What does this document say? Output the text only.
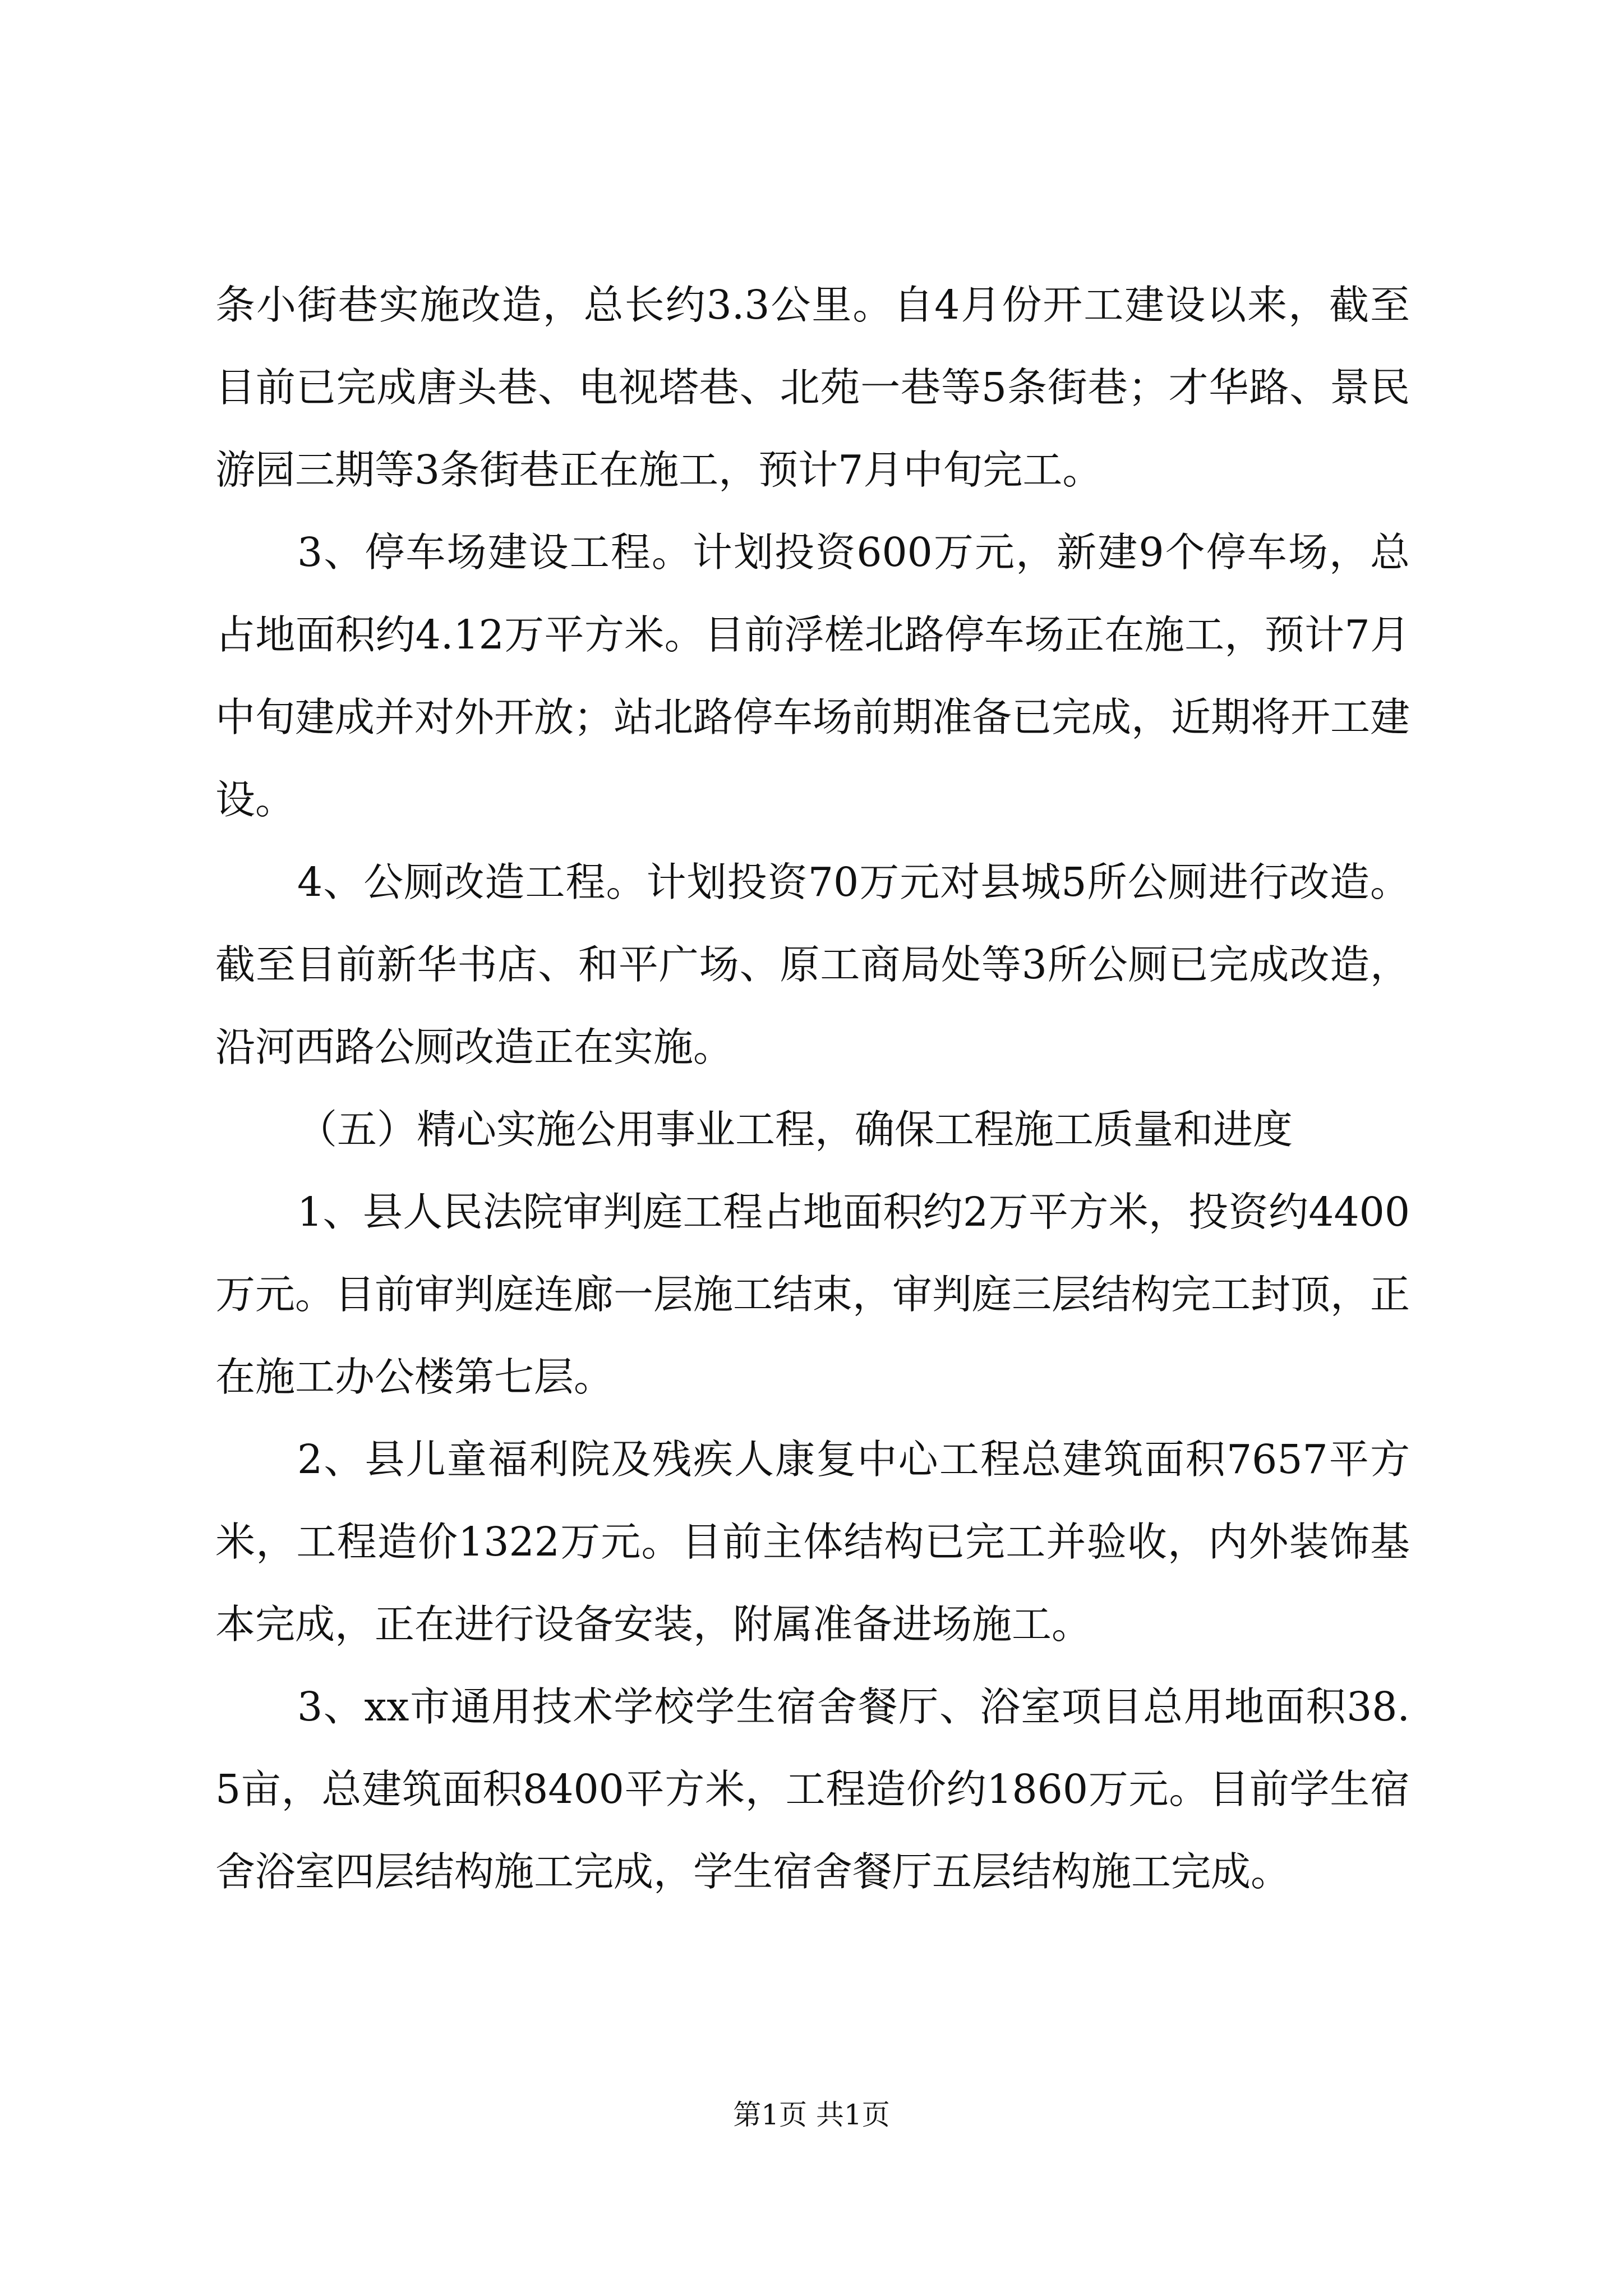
条小街巷实施改造，总长约3.3公里。自4月份开工建设以来，截至目前已完成唐头巷、电视塔巷、北苑一巷等5条街巷；才华路、景民游园三期等3条街巷正在施工，预计7月中旬完工。

3、停车场建设工程。计划投资600万元，新建9个停车场，总占地面积约4.12万平方米。目前浮槎北路停车场正在施工，预计7月中旬建成并对外开放；站北路停车场前期准备已完成，近期将开工建设。

4、公厕改造工程。计划投资70万元对县城5所公厕进行改造。截至目前新华书店、和平广场、原工商局处等3所公厕已完成改造，沿河西路公厕改造正在实施。

（五）精心实施公用事业工程，确保工程施工质量和进度

1、县人民法院审判庭工程占地面积约2万平方米，投资约4400万元。目前审判庭连廊一层施工结束，审判庭三层结构完工封顶，正在施工办公楼第七层。

2、县儿童福利院及残疾人康复中心工程总建筑面积7657平方米，工程造价1322万元。目前主体结构已完工并验收，内外装饰基本完成，正在进行设备安装，附属准备进场施工。

3、xx市通用技术学校学生宿舍餐厅、浴室项目总用地面积38.5亩，总建筑面积8400平方米，工程造价约1860万元。目前学生宿舍浴室四层结构施工完成，学生宿舍餐厅五层结构施工完成。

第1页 共1页
